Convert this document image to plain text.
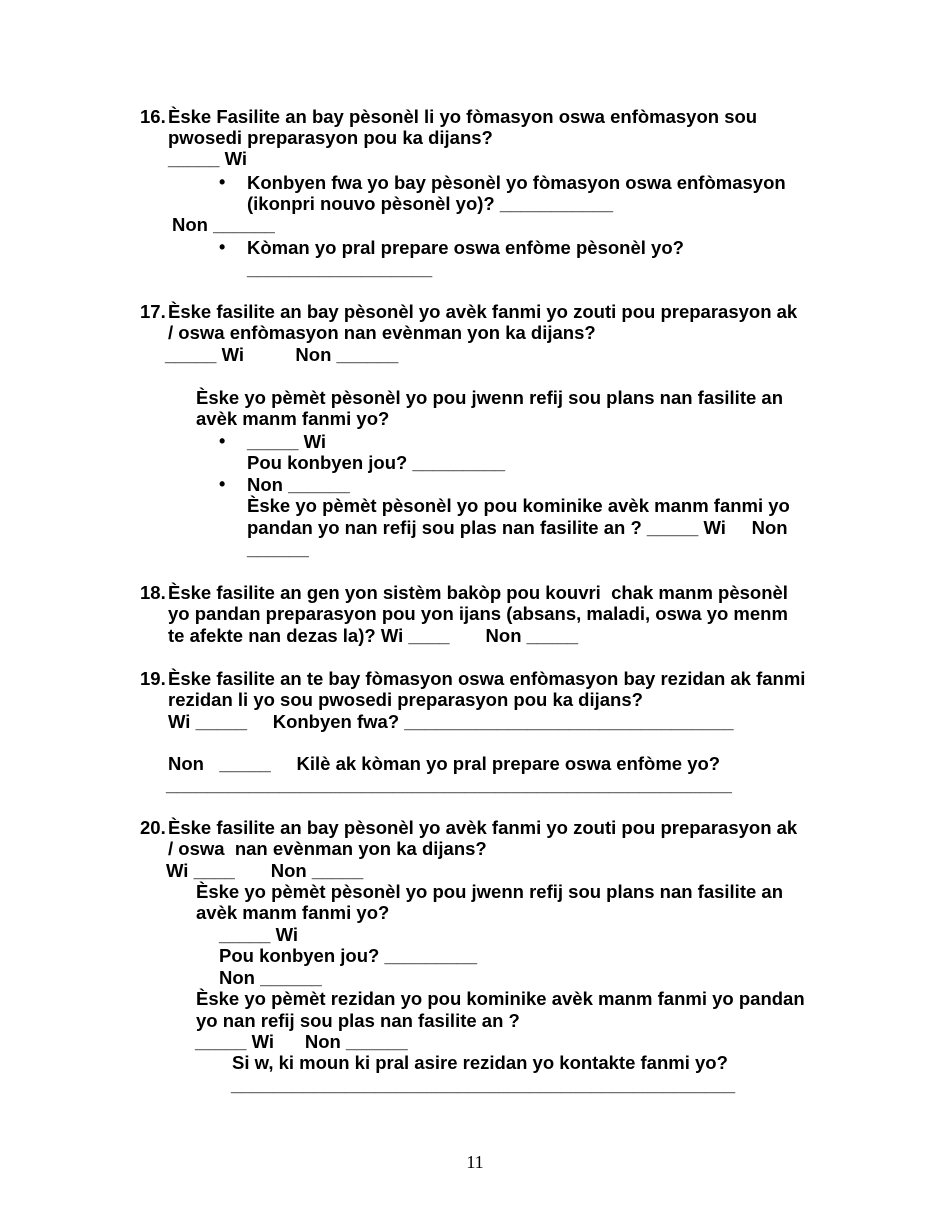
16. Èske Fasilite an bay pèsonèl li yo fòmasyon oswa enfòmasyon sou
pwosedi preparasyon pou ka dijans?
_____ Wi
• Konbyen fwa yo bay pèsonèl yo fòmasyon oswa enfòmasyon
(ikonpri nouvo pèsonèl yo)? ___________
Non ______
• Kòman yo pral prepare oswa enfòme pèsonèl yo?
__________________
17. Èske fasilite an bay pèsonèl yo avèk fanmi yo zouti pou preparasyon ak
/ oswa enfòmasyon nan evènman yon ka dijans?
_____ Wi          Non ______
Èske yo pèmèt pèsonèl yo pou jwenn refij sou plans nan fasilite an
avèk manm fanmi yo?
• _____ Wi
Pou konbyen jou? _________
• Non ______
Èske yo pèmèt pèsonèl yo pou kominike avèk manm fanmi yo
pandan yo nan refij sou plas nan fasilite an ? _____ Wi     Non
______
18. Èske fasilite an gen yon sistèm bakòp pou kouvri  chak manm pèsonèl
yo pandan preparasyon pou yon ijans (absans, maladi, oswa yo menm
te afekte nan dezas la)? Wi ____       Non _____
19. Èske fasilite an te bay fòmasyon oswa enfòmasyon bay rezidan ak fanmi
rezidan li yo sou pwosedi preparasyon pou ka dijans?
Wi _____     Konbyen fwa? ________________________________
Non   _____     Kilè ak kòman yo pral prepare oswa enfòme yo?
_______________________________________________________
20. Èske fasilite an bay pèsonèl yo avèk fanmi yo zouti pou preparasyon ak
/ oswa  nan evènman yon ka dijans?
Wi ____       Non _____
Èske yo pèmèt pèsonèl yo pou jwenn refij sou plans nan fasilite an
avèk manm fanmi yo?
_____ Wi
Pou konbyen jou? _________
Non ______
Èske yo pèmèt rezidan yo pou kominike avèk manm fanmi yo pandan
yo nan refij sou plas nan fasilite an ?
_____ Wi      Non ______
Si w, ki moun ki pral asire rezidan yo kontakte fanmi yo?
_________________________________________________
11
